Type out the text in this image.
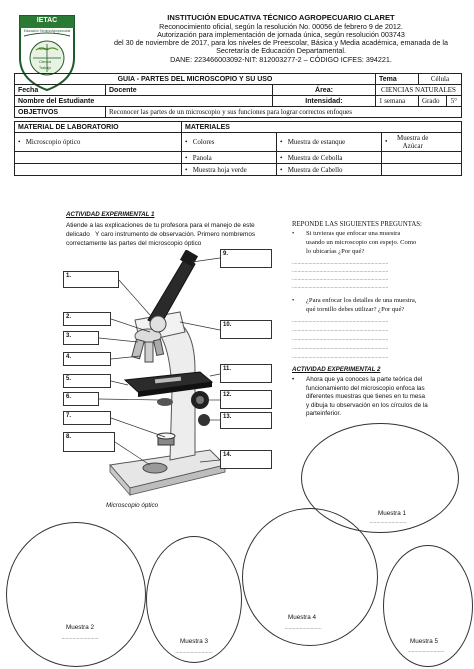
IETAC
Educación Técnica Agropecuaria
Virtud
Ciencia
Trabajo
INSTITUCIÓN EDUCATIVA TÉCNICO AGROPECUARIO CLARET
Reconocimiento oficial, según la resolución No. 00056 de febrero 9 de 2012.
Autorización para implementación de jornada única, según resolución 003743
del 30 de noviembre de 2017, para los niveles de Preescolar, Básica y Media académica, emanada de la
Secretaría de Educación Departamental.
DANE: 223466003092-NIT: 812003277-2 – CÓDIGO ICFES: 394221.
GUIA - PARTES DEL MICROSCOPIO Y SU USO			Tema	Célula	
Fecha	Docente	Área:	CIENCIAS NATURALES		
Nombre del Estudiante		Intensidad:	1 semana	Grado	5°
OBJETIVOS	Reconocer las partes de un microscopio y sus funciones para lograr correctos enfoques				
MATERIAL DE LABORATORIO	MATERIALES		
•   Microscopio óptico	•   Colores	•   Muestra de estanque	•   Muestra de Azúcar
	•   Panola	•   Muestra de Cebolla	
	•   Muestra hoja verde	•   Muestra de Cabello	
ACTIVIDAD EXPERIMENTAL 1
Atiende a las explicaciones de tu profesora para el manejo de este
delicado   Y caro instrumento de observación. Primero nombremos
correctamente las partes del microscopio óptico
1.
2.
3.
4.
5.
6.
7.
8.
9.
10.
11.
12.
13.
14.
Microscopio óptico
REPONDE LAS SIGUIENTES PREGUNTAS:
• Si tuvieras que enfocar una muestra
usando un microscopio con espejo. Como
lo ubicarías ¿Por qué?
......................................................................
......................................................................
......................................................................
......................................................................
• ¿Para enfocar los detalles de una muestra,
qué tornillo debes utilizar? ¿Por qué?
......................................................................
......................................................................
......................................................................
......................................................................
......................................................................
ACTIVIDAD EXPERIMENTAL 2
• Ahora que ya conoces la parte teórica del
funcionamiento del microscopio enfoca las
diferentes muestras que tienes en tu mesa
y dibuja tu observación en los círculos de la
parteinferior.
Muestra 1
...........................
Muestra 2
...........................	Muestra 3
...........................
Muestra 4
...........................
Muestra 5
...........................
